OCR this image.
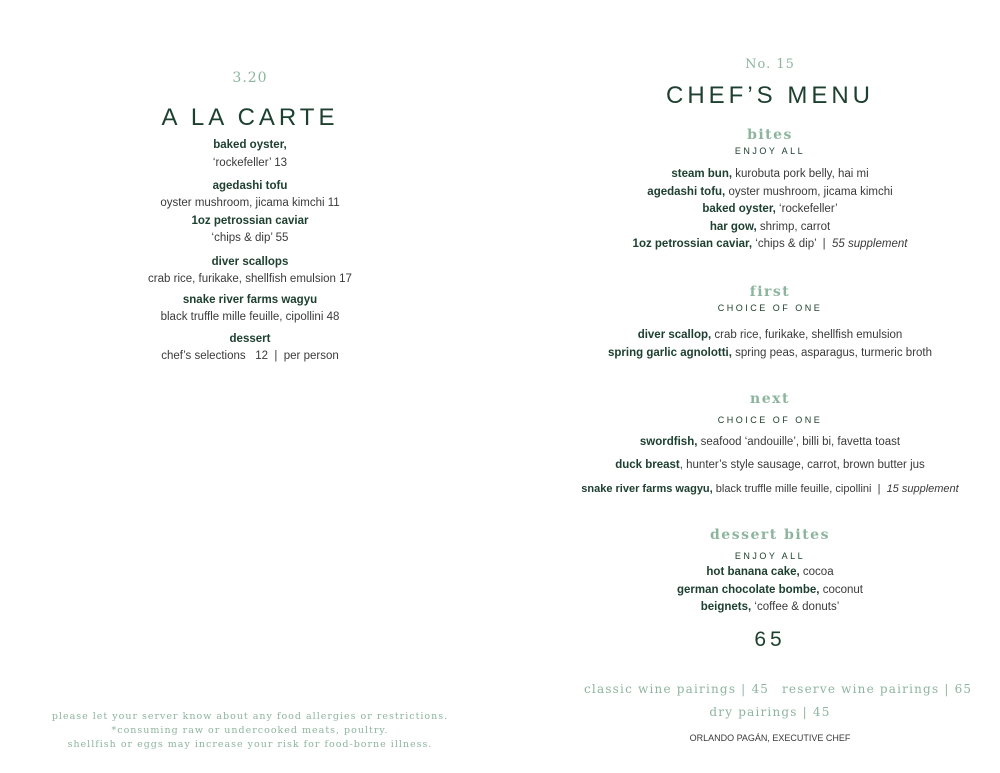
3.20
A LA CARTE
baked oyster,
‘rockefeller’ 13
agedashi tofu
oyster mushroom, jicama kimchi 11
1oz petrossian caviar
‘chips & dip’ 55
diver scallops
crab rice, furikake, shellfish emulsion 17
snake river farms wagyu
black truffle mille feuille, cipollini 48
dessert
chef’s selections   12  |  per person
please let your server know about any food allergies or restrictions.
*consuming raw or undercooked meats, poultry.
shellfish or eggs may increase your risk for food-borne illness.
No. 15
CHEF’S MENU
bites
ENJOY ALL
steam bun, kurobuta pork belly, hai mi
agedashi tofu, oyster mushroom, jicama kimchi
baked oyster, ‘rockefeller’
har gow, shrimp, carrot
1oz petrossian caviar, ‘chips & dip’  |  55 supplement
first
CHOICE OF ONE
diver scallop, crab rice, furikake, shellfish emulsion
spring garlic agnolotti, spring peas, asparagus, turmeric broth
next
CHOICE OF ONE
swordfish, seafood ‘andouille’, billi bi, favetta toast
duck breast, hunter’s style sausage, carrot, brown butter jus
snake river farms wagyu, black truffle mille feuille, cipollini  |  15 supplement
dessert bites
ENJOY ALL
hot banana cake, cocoa
german chocolate bombe, coconut
beignets, ‘coffee & donuts’
65
classic wine pairings | 45 reserve wine pairings | 65
dry pairings | 45
ORLANDO PAGÁN, EXECUTIVE CHEF
